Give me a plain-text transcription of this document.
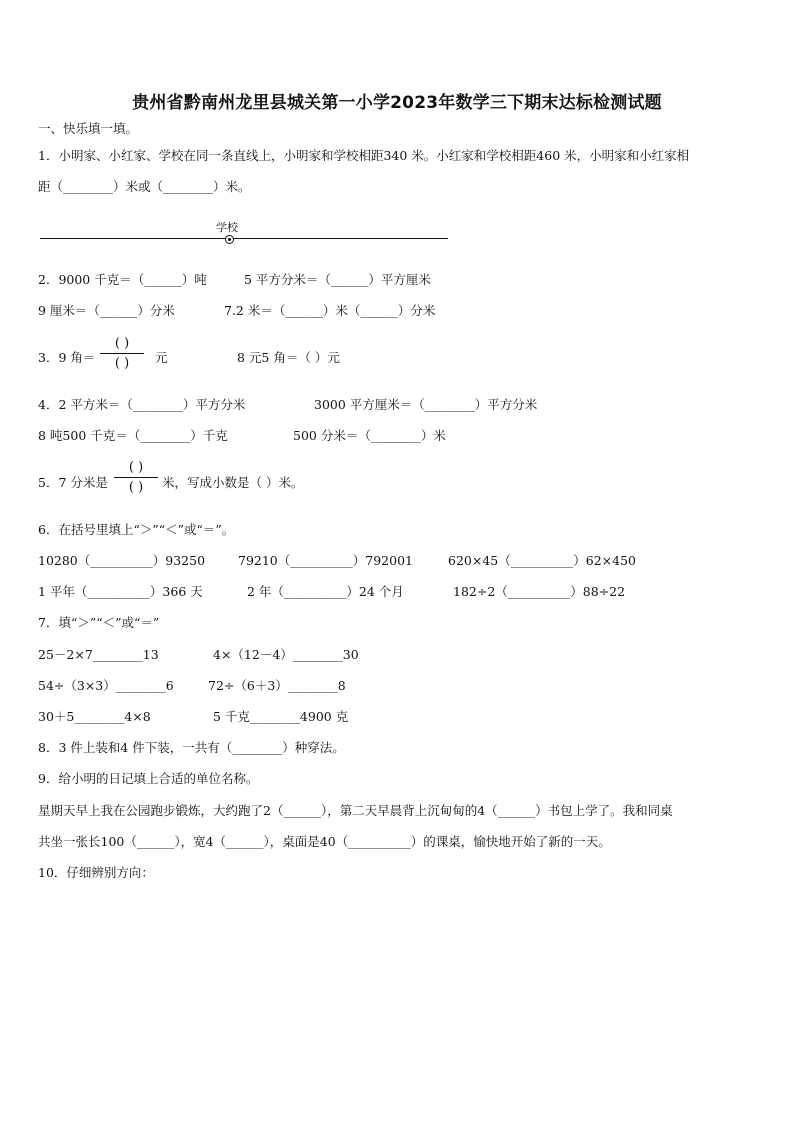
贵州省黔南州龙里县城关第一小学2023年数学三下期末达标检测试题
一、快乐填一填。
1．小明家、小红家、学校在同一条直线上，小明家和学校相距340 米。小红家和学校相距460 米，小明家和小红家相
距（________）米或（________）米。
学校
2．9000 千克＝（______）吨	5 平方分米＝（______）平方厘米
9 厘米＝（______）分米	7.2 米＝（______）米（______）分米
3．9 角＝
( )
( ) 元	8 元5 角＝（ ）元
4．2 平方米＝（________）平方分米	3000 平方厘米＝（________）平方分米
8 吨500 千克＝（________）千克	500 分米＝（________）米
5．7 分米是
( )
( ) 米，写成小数是（ ）米。
6．在括号里填上“＞”“＜”或“＝”。
10280（__________）93250	79210（__________）792001	620×45（__________）62×450
1 平年（__________）366 天	2 年（__________）24 个月	182÷2（__________）88÷22
7．填“＞”“＜”或“＝”
25－2×7________13	4×（12－4）________30
54÷（3×3）________6	72÷（6＋3）________8
30＋5________4×8	5 千克________4900 克
8．3 件上装和4 件下装，一共有（________）种穿法。
9．给小明的日记填上合适的单位名称。
星期天早上我在公园跑步锻炼，大约跑了2（______），第二天早晨背上沉甸甸的4（______）书包上学了。我和同桌
共坐一张长100（______），宽4（______），桌面是40（__________）的课桌，愉快地开始了新的一天。
10．仔细辨别方向：
